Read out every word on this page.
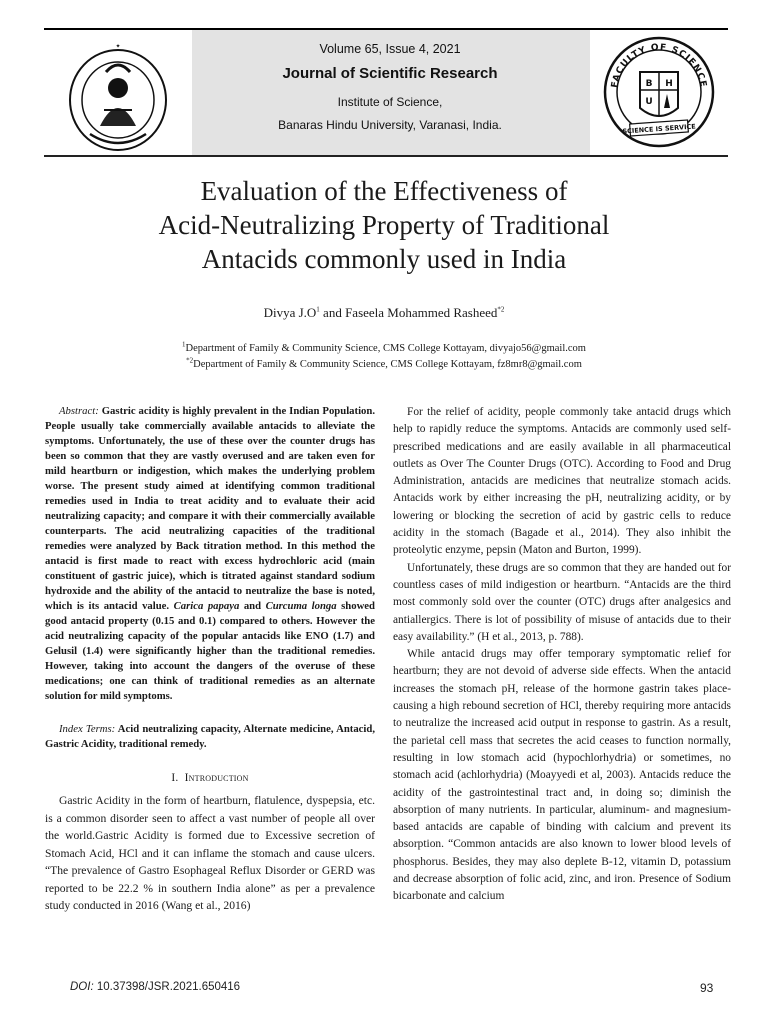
✦
FACULTY OF SCIENCE
B H
U
SCIENCE IS SERVICE
Volume 65, Issue 4, 2021
Journal of Scientific Research
Institute of Science,
Banaras Hindu University, Varanasi, India.
Evaluation of the Effectiveness of
Acid-Neutralizing Property of Traditional
Antacids commonly used in India
Divya $J.O^1$ and Faseela Mohammed Rasheed$^{*2}$
$^1$Department of Family & Community Science, CMS College Kottayam, divyajo56@gmail.com
$^{*2}$Department of Family & Community Science, CMS College Kottayam, fz8mr8@gmail.com

Abstract: Gastric acidity is highly prevalent in the Indian Population. People usually take commercially available antacids to alleviate the symptoms. Unfortunately, the use of these over the counter drugs has been so common that they are vastly overused and are taken even for mild heartburn or indigestion, which makes the underlying problem worse. The present study aimed at identifying common traditional remedies used in India to treat acidity and to evaluate their acid neutralizing capacity; and compare it with their commercially available counterparts. The acid neutralizing capacities of the traditional remedies were analyzed by Back titration method. In this method the antacid is first made to react with excess hydrochloric acid (main constituent of gastric juice), which is titrated against standard sodium hydroxide and the ability of the antacid to neutralize the base is noted, which is its antacid value. Carica papaya and Curcuma longa showed good antacid property (0.15 and 0.1) compared to others. However the acid neutralizing capacity of the popular antacids like ENO (1.7) and Gelusil (1.4) were significantly higher than the traditional remedies. However, taking into account the dangers of the overuse of these medications; one can think of traditional remedies as an alternate solution for mild symptoms.

Index Terms: Acid neutralizing capacity, Alternate medicine, Antacid, Gastric Acidity, traditional remedy.

I. Introduction

Gastric Acidity in the form of heartburn, flatulence, dyspepsia, etc. is a common disorder seen to affect a vast number of people all over the world.Gastric Acidity is formed due to Excessive secretion of Stomach Acid, HCl and it can inflame the stomach and cause ulcers. “The prevalence of Gastro Esophageal Reflux Disorder or GERD was reported to be 22.2 % in southern India alone” as per a prevalence study conducted in 2016 (Wang et al., 2016)

For the relief of acidity, people commonly take antacid drugs which help to rapidly reduce the symptoms. Antacids are commonly used self-prescribed medications and are easily available in all pharmaceutical outlets as Over The Counter Drugs (OTC). According to Food and Drug Administration, antacids are medicines that neutralize stomach acids. Antacids work by either increasing the pH, neutralizing acidity, or by lowering or blocking the secretion of acid by gastric cells to reduce acidity in the stomach (Bagade et al., 2014). They also inhibit the proteolytic enzyme, pepsin (Maton and Burton, 1999).

Unfortunately, these drugs are so common that they are handed out for countless cases of mild indigestion or heartburn. “Antacids are the third most commonly sold over the counter (OTC) drugs after analgesics and antiallergics. There is lot of possibility of misuse of antacids due to their easy availability.” (H et al., 2013, p. 788).

While antacid drugs may offer temporary symptomatic relief for heartburn; they are not devoid of adverse side effects. When the antacid increases the stomach pH, release of the hormone gastrin takes place-causing a high rebound secretion of HCl, thereby requiring more antacids to neutralize the increased acid output in response to gastrin. As a result, the parietal cell mass that secretes the acid ceases to function normally, resulting in low stomach acid (hypochlorhydria) or sometimes, no stomach acid (achlorhydria) (Moayyedi et al, 2003). Antacids reduce the acidity of the gastrointestinal tract and, in doing so; diminish the absorption of many nutrients. In particular, aluminum- and magnesium-based antacids are capable of binding with calcium and prevent its absorption. “Common antacids are also known to lower blood levels of phosphorus. Besides, they may also deplete B-12, vitamin D, potassium and decrease absorption of folic acid, zinc, and iron. Presence of Sodium bicarbonate and calcium

DOI: 10.37398/JSR.2021.650416	93
